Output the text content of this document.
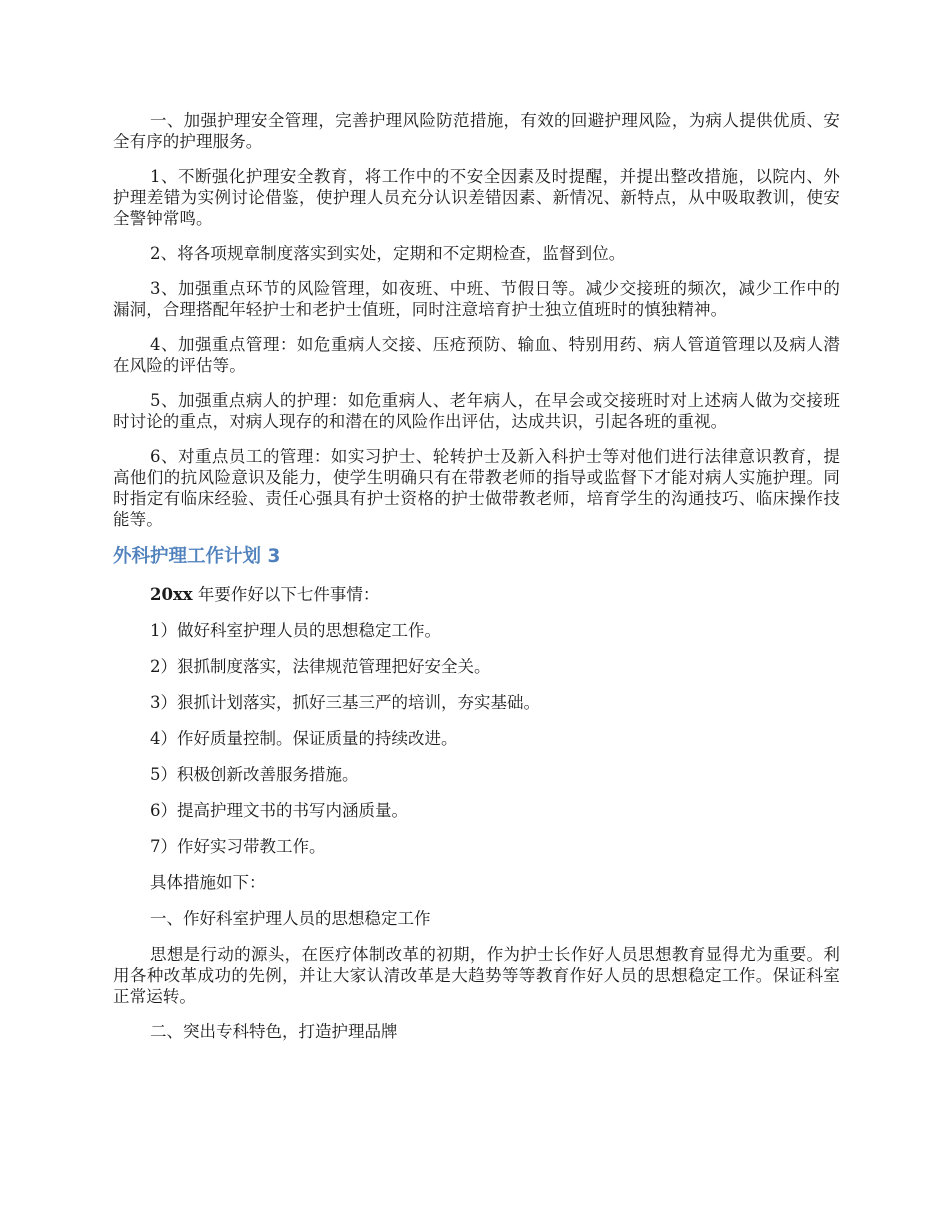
一、加强护理安全管理，完善护理风险防范措施，有效的回避护理风险，为病人提供优质、安全有序的护理服务。

1、不断强化护理安全教育，将工作中的不安全因素及时提醒，并提出整改措施，以院内、外护理差错为实例讨论借鉴，使护理人员充分认识差错因素、新情况、新特点，从中吸取教训，使安全警钟常鸣。

2、将各项规章制度落实到实处，定期和不定期检查，监督到位。

3、加强重点环节的风险管理，如夜班、中班、节假日等。减少交接班的频次，减少工作中的漏洞，合理搭配年轻护士和老护士值班，同时注意培育护士独立值班时的慎独精神。

4、加强重点管理：如危重病人交接、压疮预防、输血、特别用药、病人管道管理以及病人潜在风险的评估等。

5、加强重点病人的护理：如危重病人、老年病人，在早会或交接班时对上述病人做为交接班时讨论的重点，对病人现存的和潜在的风险作出评估，达成共识，引起各班的重视。

6、对重点员工的管理：如实习护士、轮转护士及新入科护士等对他们进行法律意识教育，提高他们的抗风险意识及能力，使学生明确只有在带教老师的指导或监督下才能对病人实施护理。同时指定有临床经验、责任心强具有护士资格的护士做带教老师，培育学生的沟通技巧、临床操作技能等。

外科护理工作计划 3

20xx 年要作好以下七件事情：

1）做好科室护理人员的思想稳定工作。

2）狠抓制度落实，法律规范管理把好安全关。

3）狠抓计划落实，抓好三基三严的培训，夯实基础。

4）作好质量控制。保证质量的持续改进。

5）积极创新改善服务措施。

6）提高护理文书的书写内涵质量。

7）作好实习带教工作。

具体措施如下：

一、作好科室护理人员的思想稳定工作

思想是行动的源头，在医疗体制改革的初期，作为护士长作好人员思想教育显得尤为重要。利用各种改革成功的先例，并让大家认清改革是大趋势等等教育作好人员的思想稳定工作。保证科室正常运转。

二、突出专科特色，打造护理品牌
